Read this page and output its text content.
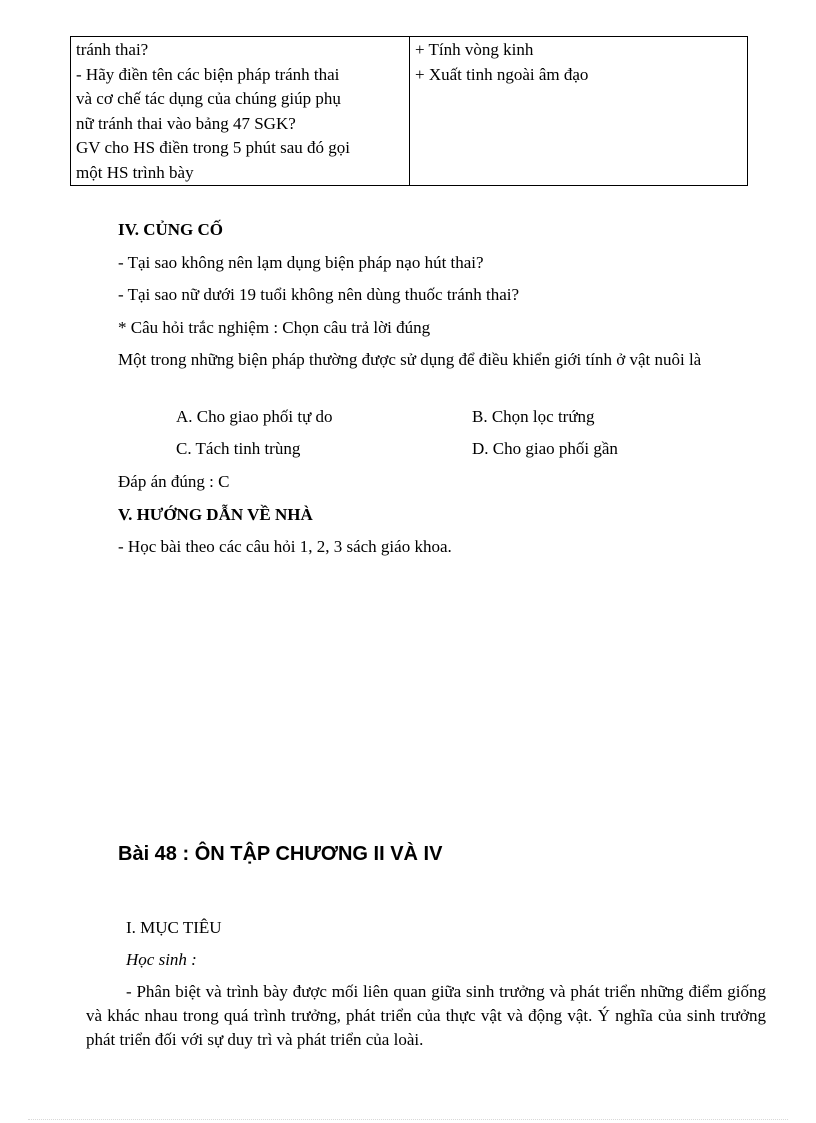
tránh thai?
- Hãy điền tên các biện pháp tránh thai
và cơ chế tác dụng của chúng giúp phụ
nữ tránh thai vào bảng 47 SGK?
GV cho HS điền trong 5 phút sau đó gọi
một HS trình bày

+ Tính vòng kinh
+ Xuất tinh ngoài âm đạo
IV. CỦNG CỐ
- Tại sao không nên lạm dụng biện pháp nạo hút thai?
- Tại sao nữ dưới 19 tuổi không nên dùng thuốc tránh thai?
* Câu hỏi trắc nghiệm : Chọn câu trả lời đúng
Một trong những biện pháp thường được sử dụng để điều khiển giới tính ở vật nuôi là
A. Cho giao phối tự do	B. Chọn lọc trứng
C. Tách tinh trùng	D. Cho giao phối gần
Đáp án đúng : C
V. HƯỚNG DẪN VỀ NHÀ
- Học bài theo các câu hỏi 1, 2, 3 sách giáo khoa.
Bài 48 : ÔN TẬP CHƯƠNG II VÀ IV
I. MỤC TIÊU
Học sinh :
- Phân biệt và trình bày được mối liên quan giữa sinh trưởng và phát triển những điểm giống và khác nhau trong quá trình trưởng, phát triển của thực vật và động vật. Ý nghĩa của sinh trưởng phát triển đối với sự duy trì và phát triển của loài.
